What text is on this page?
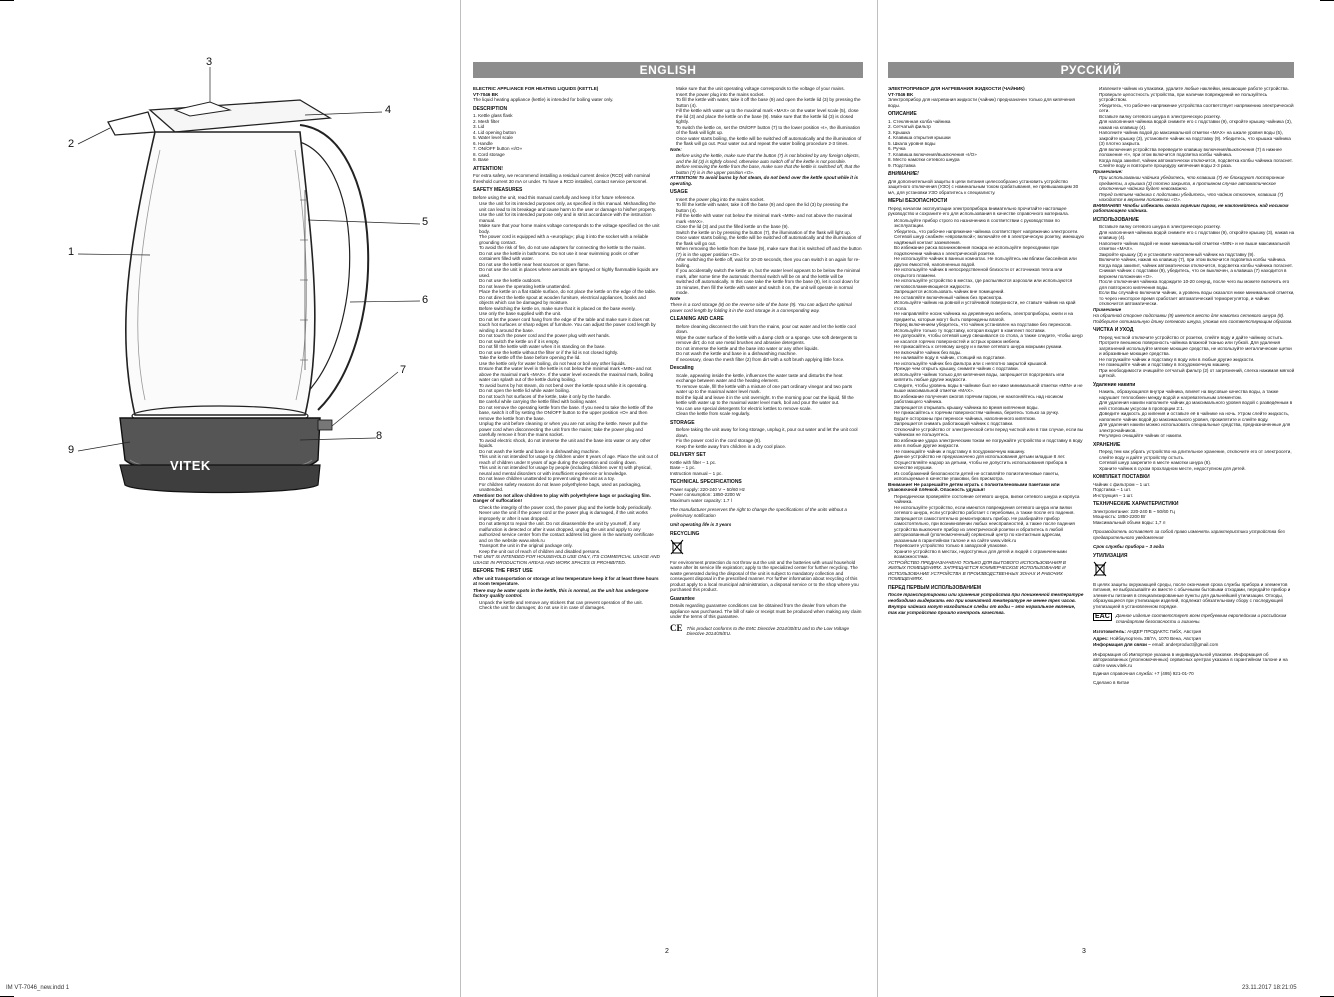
VITEK
3
4
2
5
1
6
7
8
9
ENGLISH
ELECTRIC APPLIANCE FOR HEATING LIQUIDS (KETTLE)
VT-7046 BK

The liquid heating appliance (kettle) is intended for boiling water only.

DESCRIPTION
1. Kettle glass flask
2. Mesh filter
3. Lid
4. Lid opening button
5. Water level scale
6. Handle
7. ON/OFF button «I/O»
8. Cord storage
9. Base
ATTENTION!

For extra safety, we recommend installing a residual current device (RCD) with nominal threshold current 30 mA or under. To have a RCD installed, contact service personnel.

SAFETY MEASURES

Before using the unit, read this manual carefully and keep it for future reference.

• Use the unit for its intended purposes only, as specified in this manual. Mishandling the unit can lead to its breakage and cause harm to the user or damage to his/her property.
• Use the unit for its intended purpose only and in strict accordance with the instruction manual.
• Make sure that your home mains voltage corresponds to the voltage specified on the unit body.
• The power cord is equipped with a «europlug»; plug it into the socket with a reliable grounding contact.
• To avoid the risk of fire, do not use adapters for connecting the kettle to the mains.
• Do not use the kettle in bathrooms. Do not use it near swimming pools or other containers filled with water.
• Do not use the kettle near heat sources or open flame.
• Do not use the unit in places where aerosols are sprayed or highly flammable liquids are used.
• Do not use the kettle outdoors.
• Do not leave the operating kettle unattended.
• Place the kettle on a flat stable surface, do not place the kettle on the edge of the table.
• Do not direct the kettle spout at wooden furniture, electrical appliances, books and objects which can be damaged by moisture.
• Before switching the kettle on, make sure that it is placed on the base evenly.
• Use only the base supplied with the unit.
• Do not let the power cord hang from the edge of the table and make sure it does not touch hot surfaces or sharp edges of furniture. You can adjust the power cord length by winding it around the base.
• Do not touch the power cord and the power plug with wet hands.
• Do not switch the kettle on if it is empty.
• Do not fill the kettle with water when it is standing on the base.
• Do not use the kettle without the filter or if the lid is not closed tightly.
• Take the kettle off the base before opening the lid.
• Use the kettle only for water boiling, do not heat or boil any other liquids.
• Ensure that the water level in the kettle is not below the minimal mark «MIN» and not above the maximal mark «MAX». If the water level exceeds the maximal mark, boiling water can splash out of the kettle during boiling.
• To avoid burns by hot steam, do not bend over the kettle spout while it is operating.
• Do not open the kettle lid while water boiling.
• Do not touch hot surfaces of the kettle, take it only by the handle.
• Be careful while carrying the kettle filled with boiling water.
• Do not remove the operating kettle from the base. If you need to take the kettle off the base, switch it off by setting the ON/OFF button to the upper position «O» and then remove the kettle from the base.
• Unplug the unit before cleaning or when you are not using the kettle. Never pull the power cord when disconnecting the unit from the mains; take the power plug and carefully remove it from the mains socket.
• To avoid electric shock, do not immerse the unit and the base into water or any other liquids.
• Do not wash the kettle and base in a dishwashing machine.
• This unit is not intended for usage by children under 8 years of age. Place the unit out of reach of children under 8 years of age during the operation and cooling down.
• This unit is not intended for usage by people (including children over 8) with physical, neural and mental disorders or with insufficient experience or knowledge.
• Do not leave children unattended to prevent using the unit as a toy.
• For children safety reasons do not leave polyethylene bags, used as packaging, unattended.

Attention! Do not allow children to play with polyethylene bags or packaging film. Danger of suffocation!

• Check the integrity of the power cord, the power plug and the kettle body periodically.
• Never use the unit if the power cord or the power plug is damaged, if the unit works improperly or after it was dropped.
• Do not attempt to repair the unit. Do not disassemble the unit by yourself, if any malfunction is detected or after it was dropped, unplug the unit and apply to any authorized service center from the contact address list given in the warranty certificate and on the website www.vitek.ru
• Transport the unit in the original package only.
• Keep the unit out of reach of children and disabled persons.

THE UNIT IS INTENDED FOR HOUSEHOLD USE ONLY, ITS COMMERCIAL USAGE AND USAGE IN PRODUCTION AREAS AND WORK SPACES IS PROHIBITED.

BEFORE THE FIRST USE

After unit transportation or storage at low temperature keep it for at least three hours at room temperature.

There may be water spots in the kettle, this is normal, as the unit has undergone factory quality control.

• Unpack the kettle and remove any stickers that can prevent operation of the unit.
• Check the unit for damages; do not use it in case of damages.
• Make sure that the unit operating voltage corresponds to the voltage of your mains.
• Insert the power plug into the mains socket.
• To fill the kettle with water, take it off the base (9) and open the kettle lid (3) by pressing the button (4).
• Fill the kettle with water up to the maximal mark «MAX» on the water level scale (5), close the lid (3) and place the kettle on the base (9). Make sure that the kettle lid (3) is closed tightly.
• To switch the kettle on, set the ON/OFF button (7) to the lower position «I», the illumination of the flask will light up.
• Once water starts boiling, the kettle will be switched off automatically and the illumination of the flask will go out. Pour water out and repeat the water boiling procedure 2-3 times.

Note:

• Before using the kettle, make sure that the button (7) is not blocked by any foreign objects, and the lid (3) is tightly closed, otherwise auto switch off of the kettle is not possible.
• Before removing the kettle from the base, make sure that the kettle is switched off, that the button (7) is in the upper position «O».

ATTENTION! To avoid burns by hot steam, do not bend over the kettle spout while it is operating.

USAGE
• Insert the power plug into the mains socket.
• To fill the kettle with water, take it off the base (9) and open the lid (3) by pressing the button (4).
• Fill the kettle with water not below the minimal mark «MIN» and not above the maximal mark «MAX».
• Close the lid (3) and put the filled kettle on the base (9).
• Switch the kettle on by pressing the button (7), the illumination of the flask will light up.
• Once water starts boiling, the kettle will be switched off automatically and the illumination of the flask will go out.
• When removing the kettle from the base (9), make sure that it is switched off and the button (7) is in the upper position «O».
• After switching the kettle off, wait for 10-20 seconds, then you can switch it on again for re-boiling.
• If you accidentally switch the kettle on, but the water level appears to be below the minimal mark, after some time the automatic thermal switch will be on and the kettle will be switched off automatically. In this case take the kettle from the base (9), let it cool down for 15 minutes, then fill the kettle with water and switch it on, the unit will operate in normal mode.

Note

There is a cord storage (8) on the reverse side of the base (9). You can adjust the optimal power cord length by folding it in the cord storage in a corresponding way.

CLEANING AND CARE
• Before cleaning disconnect the unit from the mains, pour out water and let the kettle cool down.
• Wipe the outer surface of the kettle with a damp cloth or a sponge. Use soft detergents to remove dirt; do not use metal brushes and abrasive detergents.
• Do not immerse the kettle and the base into water or any other liquids.
• Do not wash the kettle and base in a dishwashing machine.
• If necessary, clean the mesh filter (2) from dirt with a soft brush applying little force.
Descaling
• Scale, appearing inside the kettle, influences the water taste and disturbs the heat exchange between water and the heating element.
• To remove scale, fill the kettle with a mixture of one part ordinary vinegar and two parts water up to the maximal water level mark.
• Boil the liquid and leave it in the unit overnight. In the morning pour out the liquid, fill the kettle with water up to the maximal water level mark, boil and pour the water out.
• You can use special detergents for electric kettles to remove scale.
• Clean the kettle from scale regularly.
STORAGE
• Before taking the unit away for long storage, unplug it, pour out water and let the unit cool down.
• Fix the power cord in the cord storage (8).
• Keep the kettle away from children in a dry cool place.
DELIVERY SET
Kettle with filter – 1 pc.
Base – 1 pc.
Instruction manual – 1 pc.
TECHNICAL SPECIFICATIONS
Power supply: 220-240 V ~ 50/60 Hz
Power consumption: 1850-2200 W
Maximum water capacity: 1.7 l

The manufacturer preserves the right to change the specifications of the units without a preliminary notification

Unit operating life is 3 years

RECYCLING

For environment protection do not throw out the unit and the batteries with usual household waste after its service life expiration; apply to the specialized center for further recycling. The waste generated during the disposal of the unit is subject to mandatory collection and consequent disposal in the prescribed manner. For further information about recycling of this product apply to a local municipal administration, a disposal service or to the shop where you purchased this product.

Guarantee

Details regarding guarantee conditions can be obtained from the dealer from whom the appliance was purchased. The bill of sale or receipt must be produced when making any claim under the terms of this guarantee.

CE This product conforms to the EMC Directive 2014/30/EU and to the Low Voltage Directive 2014/35/EU.

2
РУССКИЙ
ЭЛЕКТРОПРИБОР ДЛЯ НАГРЕВАНИЯ ЖИДКОСТИ (ЧАЙНИК)
VT-7046 BK

Электроприбор для нагревания жидкости (чайник) предназначен только для кипячения воды.

ОПИСАНИЕ
1. Стеклянная колба чайника
2. Сетчатый фильтр
3. Крышка
4. Клавиша открытия крышки
5. Шкала уровня воды
6. Ручка
7. Клавиша включения/выключения «I/O»
8. Место намотки сетевого шнура
9. Подставка
ВНИМАНИЕ!

Для дополнительной защиты в цепи питания целесообразно установить устройство защитного отключения (УЗО) с номинальным током срабатывания, не превышающим 30 мА, для установки УЗО обратитесь к специалисту.

МЕРЫ БЕЗОПАСНОСТИ

Перед началом эксплуатации электроприбора внимательно прочитайте настоящее руководство и сохраните его для использования в качестве справочного материала.

• Используйте прибор строго по назначению в соответствии с руководством по эксплуатации.
• Убедитесь, что рабочее напряжение чайника соответствует напряжению электросети.
• Сетевой шнур снабжён «евровилкой»; включайте её в электрическую розетку, имеющую надёжный контакт заземления.
• Во избежание риска возникновения пожара не используйте переходники при подключении чайника к электрической розетке.
• Не используйте чайник в ванных комнатах. Не пользуйтесь им вблизи бассейнов или других ёмкостей, наполненных водой.
• Не используйте чайник в непосредственной близости от источников тепла или открытого пламени.
• Не используйте устройство в местах, где распыляются аэрозоли или используются легковоспламеняющиеся жидкости.
• Запрещается использовать чайник вне помещений.
• Не оставляйте включённый чайник без присмотра.
• Используйте чайник на ровной и устойчивой поверхности, не ставьте чайник на край стола.
• Не направляйте носик чайника на деревянную мебель, электроприборы, книги и на предметы, которые могут быть повреждены влагой.
• Перед включением убедитесь, что чайник установлен на подставке без перекосов.
• Используйте только ту подставку, которая входит в комплект поставки.
• Не допускайте, чтобы сетевой шнур свешивался со стола, а также следите, чтобы шнур не касался горячих поверхностей и острых кромок мебели.
• Не прикасайтесь к сетевому шнуру и к вилке сетевого шнура мокрыми руками.
• Не включайте чайник без воды.
• Не наливайте воду в чайник, стоящий на подставке.
• Не используйте чайник без фильтра или с неплотно закрытой крышкой.
• Прежде чем открыть крышку, снимите чайник с подставки.
• Используйте чайник только для кипячения воды, запрещается подогревать или кипятить любые другие жидкости.
• Следите, чтобы уровень воды в чайнике был не ниже минимальной отметки «MIN» и не выше максимальной отметки «MAX».
• Во избежание получения ожогов горячим паром, не наклоняйтесь над носиком работающего чайника.
• Запрещается открывать крышку чайника во время кипячения воды.
• Не прикасайтесь к горячим поверхностям чайника, беритесь только за ручку.
• Будьте осторожны при переносе чайника, наполненного кипятком.
• Запрещается снимать работающий чайник с подставки.
• Отключайте устройство от электрической сети перед чисткой или в том случае, если вы чайником не пользуетесь.
• Во избежание удара электрическим током не погружайте устройство и подставку в воду или в любые другие жидкости.
• Не помещайте чайник и подставку в посудомоечную машину.
• Данное устройство не предназначено для использования детьми младше 8 лет.
• Осуществляйте надзор за детьми, чтобы не допустить использования прибора в качестве игрушки.
• Из соображений безопасности детей не оставляйте полиэтиленовые пакеты, используемые в качестве упаковки, без присмотра.

Внимание! Не разрешайте детям играть с полиэтиленовыми пакетами или упаковочной плёнкой. Опасность удушья!

• Периодически проверяйте состояние сетевого шнура, вилки сетевого шнура и корпуса чайника.
• Не используйте устройство, если имеются повреждения сетевого шнура или вилки сетевого шнура, если устройство работает с перебоями, а также после его падения.
• Запрещается самостоятельно ремонтировать прибор. Не разбирайте прибор самостоятельно, при возникновении любых неисправностей, а также после падения устройства выключите прибор из электрической розетки и обратитесь в любой авторизованный (уполномоченный) сервисный центр по контактным адресам, указанным в гарантийном талоне и на сайте www.vitek.ru
• Перевозите устройство только в заводской упаковке.
• Храните устройство в местах, недоступных для детей и людей с ограниченными возможностями.

УСТРОЙСТВО ПРЕДНАЗНАЧЕНО ТОЛЬКО ДЛЯ БЫТОВОГО ИСПОЛЬЗОВАНИЯ В ЖИЛЫХ ПОМЕЩЕНИЯХ. ЗАПРЕЩАЕТСЯ КОММЕРЧЕСКОЕ ИСПОЛЬЗОВАНИЕ И ИСПОЛЬЗОВАНИЕ УСТРОЙСТВА В ПРОИЗВОДСТВЕННЫХ ЗОНАХ И РАБОЧИХ ПОМЕЩЕНИЯХ.

ПЕРЕД ПЕРВЫМ ИСПОЛЬЗОВАНИЕМ

После транспортировки или хранения устройства при пониженной температуре необходимо выдержать его при комнатной температуре не менее трех часов.

Внутри чайника могут находиться следы от воды – это нормальное явление, так как устройство прошло контроль качества.

• Извлеките чайник из упаковки, удалите любые наклейки, мешающие работе устройства.
• Проверьте целостность устройства, при наличии повреждений не пользуйтесь устройством.
• Убедитесь, что рабочее напряжение устройства соответствует напряжению электрической сети.
• Вставьте вилку сетевого шнура в электрическую розетку.
• Для наполнения чайника водой снимите его с подставки (9), откройте крышку чайника (3), нажав на клавишу (4).
• Наполните чайник водой до максимальной отметки «MAX» на шкале уровня воды (5), закройте крышку (3), установите чайник на подставку (9). Убедитесь, что крышка чайника (3) плотно закрыта.
• Для включения устройства переведите клавишу включения/выключения (7) в нижнее положение «I», при этом включится подсветка колбы чайника.
• Когда вода закипит, чайник автоматически отключится, подсветка колбы чайника погаснет. Слейте воду и повторите процедуру кипячения воды 2-3 раза.

Примечание:

• При использовании чайника убедитесь, что клавиша (7) не блокируют посторонние предметы, а крышка (3) плотно закрыта, в противном случае автоматическое отключение чайника будет невозможно.
• Перед снятием чайника с подставки убедитесь, что чайник отключен, клавиша (7) находится в верхнем положении «O».

ВНИМАНИЕ! Чтобы избежать ожога горячим паром, не наклоняйтесь над носиком работающего чайника.

ИСПОЛЬЗОВАНИЕ
• Вставьте вилку сетевого шнура в электрическую розетку.
• Для наполнения чайника водой снимите его с подставки (9), откройте крышку (3), нажав на клавишу (4).
• Наполните чайник водой не ниже минимальной отметки «MIN» и не выше максимальной отметки «MAX».
• Закройте крышку (3) и установите наполненный чайник на подставку (9).
• Включите чайник, нажав на клавишу (7), при этом включится подсветка колбы чайника.
• Когда вода закипит, чайник автоматически отключится, подсветка колбы чайника погаснет.
• Снимая чайник с подставки (9), убедитесь, что он выключен, а клавиша (7) находится в верхнем положении «O».
• После отключения чайника подождите 10-20 секунд, после чего вы можете включить его для повторного кипячения воды.
• Если Вы случайно включили чайник, а уровень воды оказался ниже минимальной отметки, то через некоторое время сработает автоматический терморегулятор, и чайник отключится автоматически.

Примечание

На обратной стороне подставки (9) имеется место для намотки сетевого шнура (8). Подберите оптимальную длину сетевого шнура, уложив его соответствующим образом.

ЧИСТКА И УХОД
• Перед чисткой отключите устройство от розетки, слейте воду и дайте чайнику остыть.
• Протрите внешнюю поверхность чайника влажной тканью или губкой. Для удаления загрязнений используйте мягкие моющие средства, не используйте металлические щетки и абразивные моющие средства.
• Не погружайте чайник и подставку в воду или в любые другие жидкости.
• Не помещайте чайник и подставку в посудомоечную машину.
• При необходимости очищайте сетчатый фильтр (2) от загрязнений, слегка нажимая мягкой щёткой.
Удаление накипи
• Накипь, образующаяся внутри чайника, влияет на вкусовые качества воды, а также нарушает теплообмен между водой и нагревательным элементом.
• Для удаления накипи наполните чайник до максимального уровня водой с разведённым в ней столовым уксусом в пропорции 2:1.
• Доведите жидкость до кипения и оставьте её в чайнике на ночь. Утром слейте жидкость, наполните чайник водой до максимального уровня, прокипятите и слейте воду.
• Для удаления накипи можно использовать специальные средства, предназначенные для электрочайников.
• Регулярно очищайте чайник от накипи.
ХРАНЕНИЕ
• Перед тем как убрать устройство на длительное хранение, отключите его от электросети, слейте воду и дайте устройству остыть.
• Сетевой шнур закрепите в месте намотки шнура (8).
• Храните чайник в сухом прохладном месте, недоступном для детей.
КОМПЛЕКТ ПОСТАВКИ
Чайник с фильтром – 1 шт.
Подставка – 1 шт.
Инструкция – 1 шт.
ТЕХНИЧЕСКИЕ ХАРАКТЕРИСТИКИ
Электропитание: 220-240 В ~ 50/60 Гц
Мощность: 1850-2200 Вт
Максимальный объем воды: 1,7 л

Производитель оставляет за собой право изменять характеристики устройства без предварительного уведомления

Срок службы прибора – 3 года

УТИЛИЗАЦИЯ

В целях защиты окружающей среды, после окончания срока службы прибора и элементов питания, не выбрасывайте их вместе с обычными бытовыми отходами, передайте прибор и элементы питания в специализированные пункты для дальнейшей утилизации. Отходы, образующиеся при утилизации изделий, подлежат обязательному сбору с последующей утилизацией в установленном порядке.

EAC	Данное изделие соответствует всем требуемым европейским и российским стандартам безопасности и гигиены.

Изготовитель: АНДЕР ПРОДАКТС ГмбХ, Австрия

Адрес: Нойбаугюртель 38/7А, 1070 Вена, Австрия

Информация для связи – email: anderproduct@gmail.com

Информация об Импортере указана в индивидуальной упаковке. Информация об авторизованных (уполномоченных) сервисных центрах указана в гарантийном талоне и на сайте www.vitek.ru

Единая справочная служба: +7 (495) 921-01-70

Сделано в Китае

3
IM VT-7046_new.indd 1	23.11.2017 18:21:05
